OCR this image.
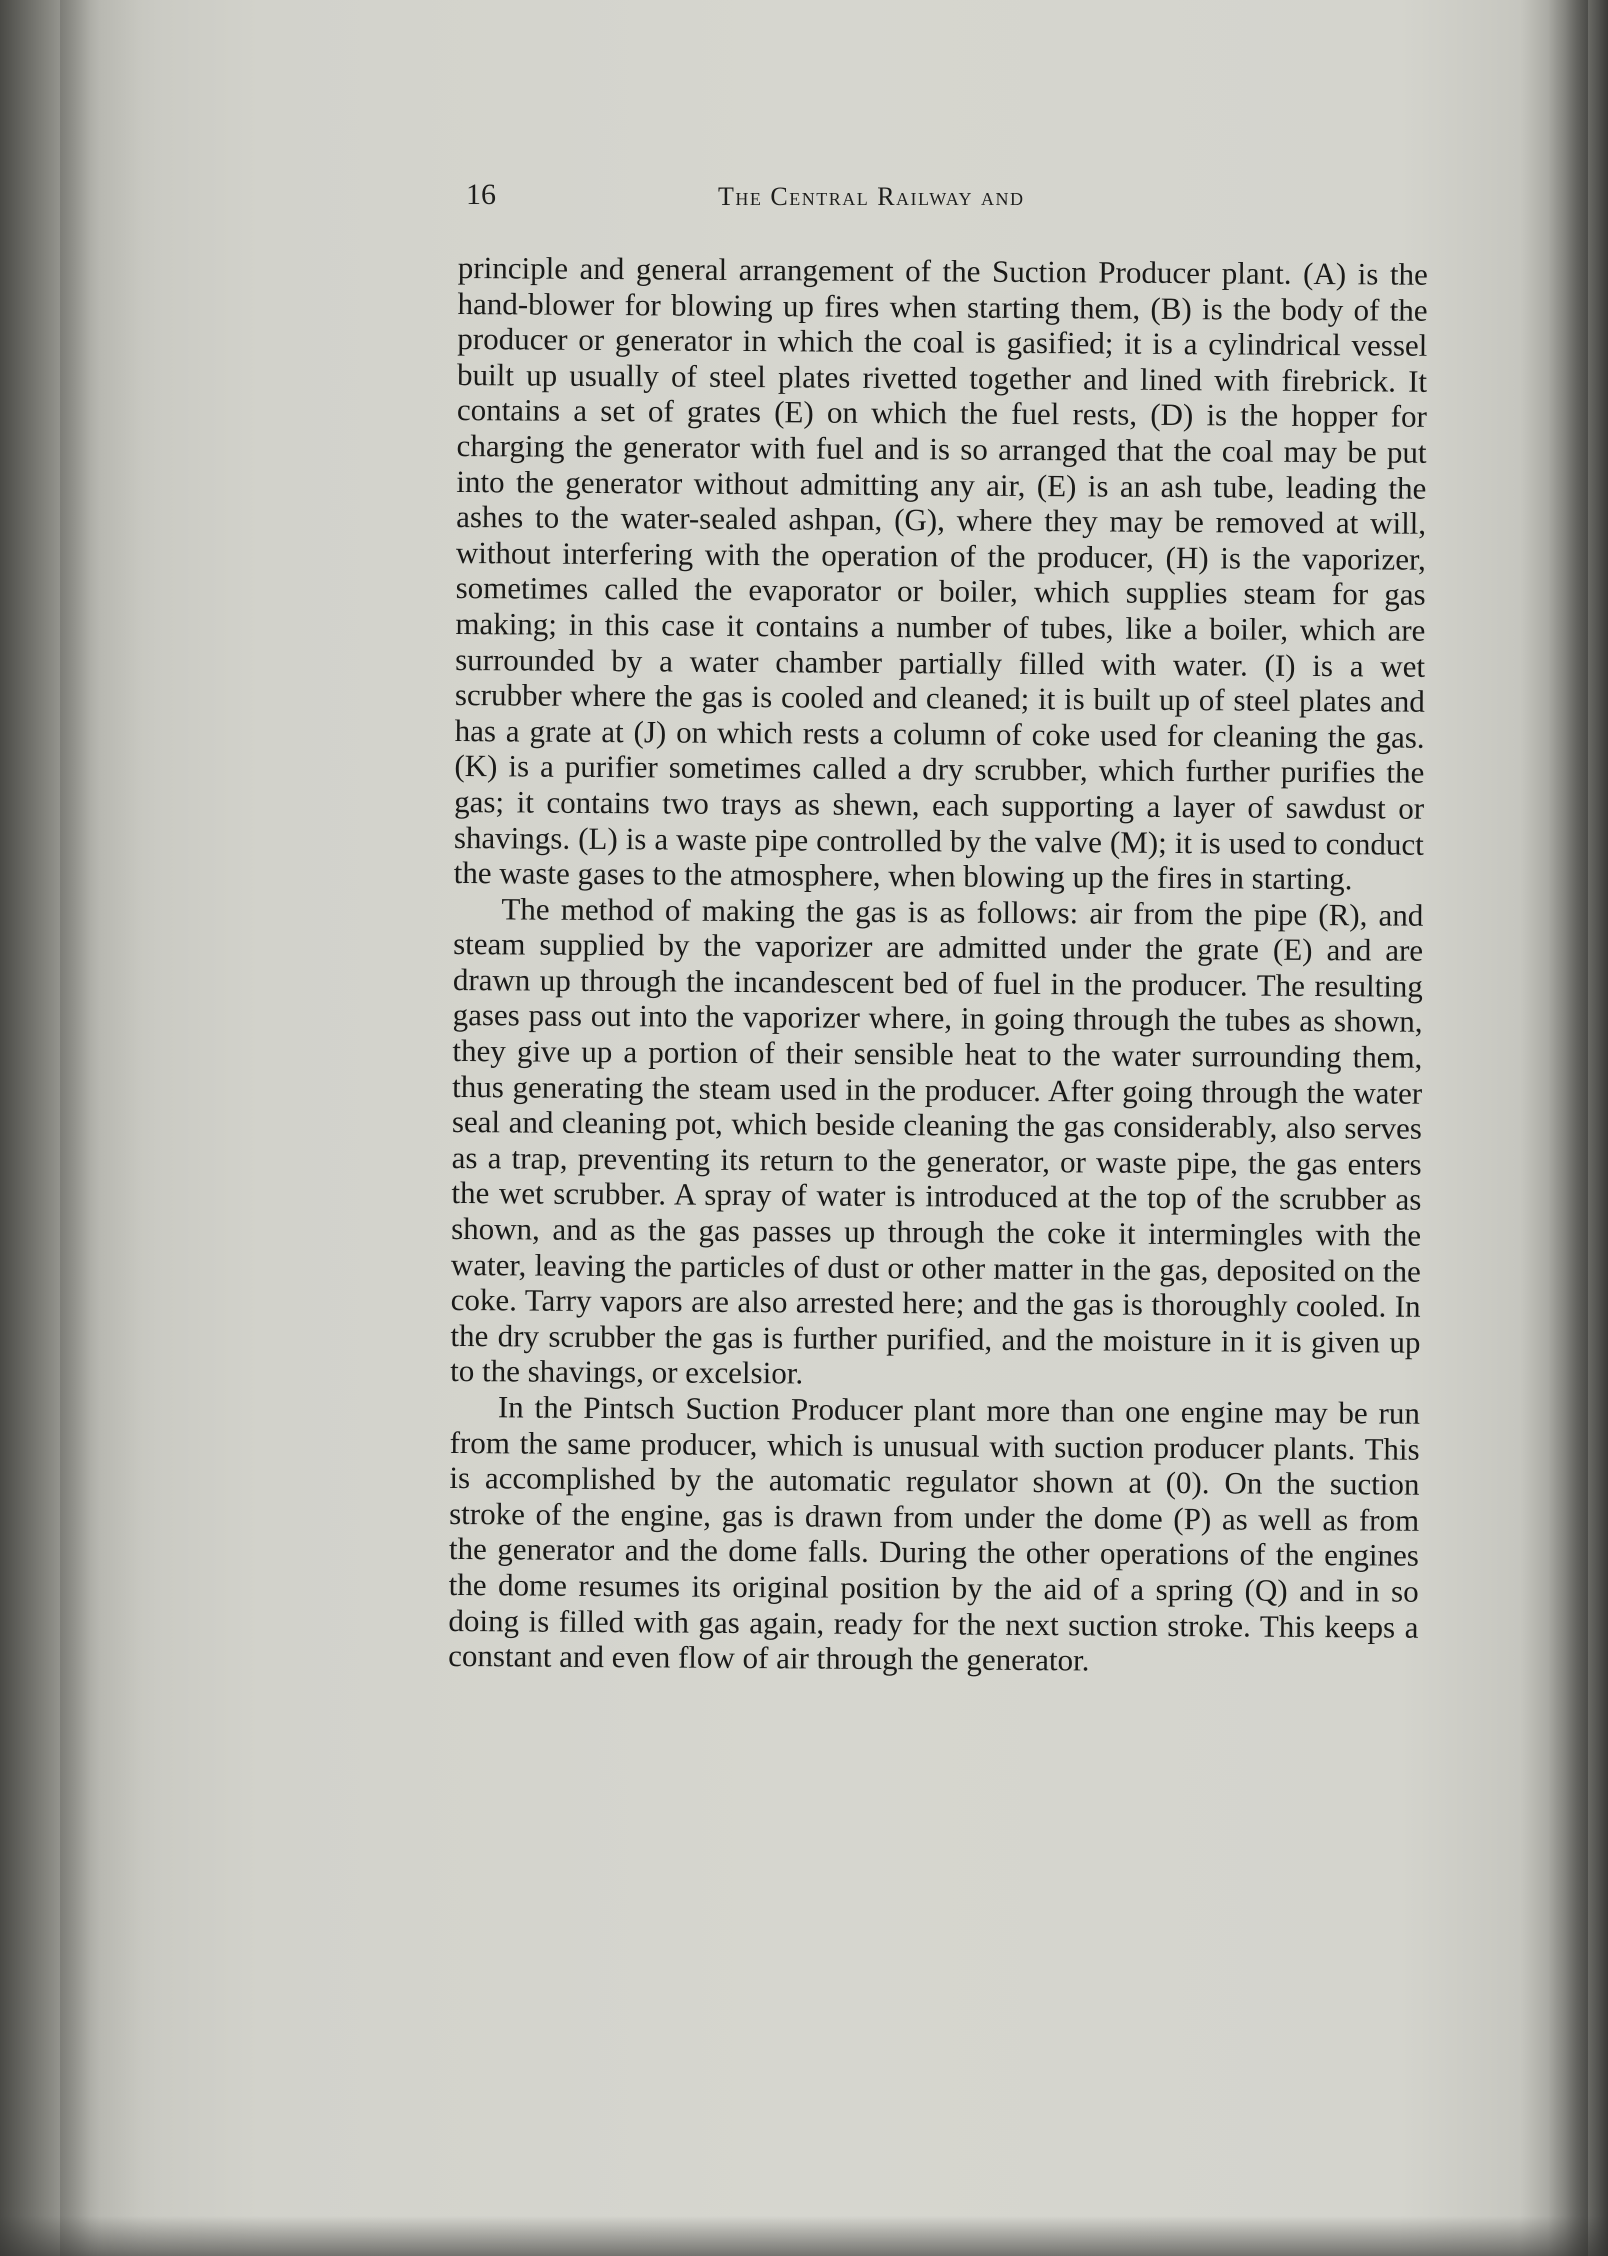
16	The Central Railway and

principle and general arrangement of the Suction Producer plant. (A) is the hand-blower for blowing up fires when starting them, (B) is the body of the producer or generator in which the coal is gasified; it is a cylindrical vessel built up usually of steel plates rivetted together and lined with firebrick. It contains a set of grates (E) on which the fuel rests, (D) is the hopper for charging the generator with fuel and is so arranged that the coal may be put into the generator without admitting any air, (E) is an ash tube, leading the ashes to the water-sealed ashpan, (G), where they may be removed at will, without interfering with the operation of the producer, (H) is the vaporizer, sometimes called the evaporator or boiler, which supplies steam for gas making; in this case it contains a number of tubes, like a boiler, which are surrounded by a water chamber partially filled with water. (I) is a wet scrubber where the gas is cooled and cleaned; it is built up of steel plates and has a grate at (J) on which rests a column of coke used for cleaning the gas. (K) is a purifier sometimes called a dry scrubber, which further purifies the gas; it contains two trays as shewn, each supporting a layer of sawdust or shavings. (L) is a waste pipe controlled by the valve (M); it is used to conduct the waste gases to the atmosphere, when blowing up the fires in starting.

The method of making the gas is as follows: air from the pipe (R), and steam supplied by the vaporizer are admitted under the grate (E) and are drawn up through the incandescent bed of fuel in the producer. The resulting gases pass out into the vaporizer where, in going through the tubes as shown, they give up a portion of their sensible heat to the water surrounding them, thus generating the steam used in the producer. After going through the water seal and cleaning pot, which beside cleaning the gas considerably, also serves as a trap, preventing its return to the generator, or waste pipe, the gas enters the wet scrubber. A spray of water is introduced at the top of the scrubber as shown, and as the gas passes up through the coke it intermingles with the water, leaving the particles of dust or other matter in the gas, deposited on the coke. Tarry vapors are also arrested here; and the gas is thoroughly cooled. In the dry scrubber the gas is further purified, and the moisture in it is given up to the shavings, or excelsior.

In the Pintsch Suction Producer plant more than one engine may be run from the same producer, which is unusual with suction producer plants. This is accomplished by the automatic regulator shown at (0). On the suction stroke of the engine, gas is drawn from under the dome (P) as well as from the generator and the dome falls. During the other operations of the engines the dome resumes its original position by the aid of a spring (Q) and in so doing is filled with gas again, ready for the next suction stroke. This keeps a constant and even flow of air through the generator.
